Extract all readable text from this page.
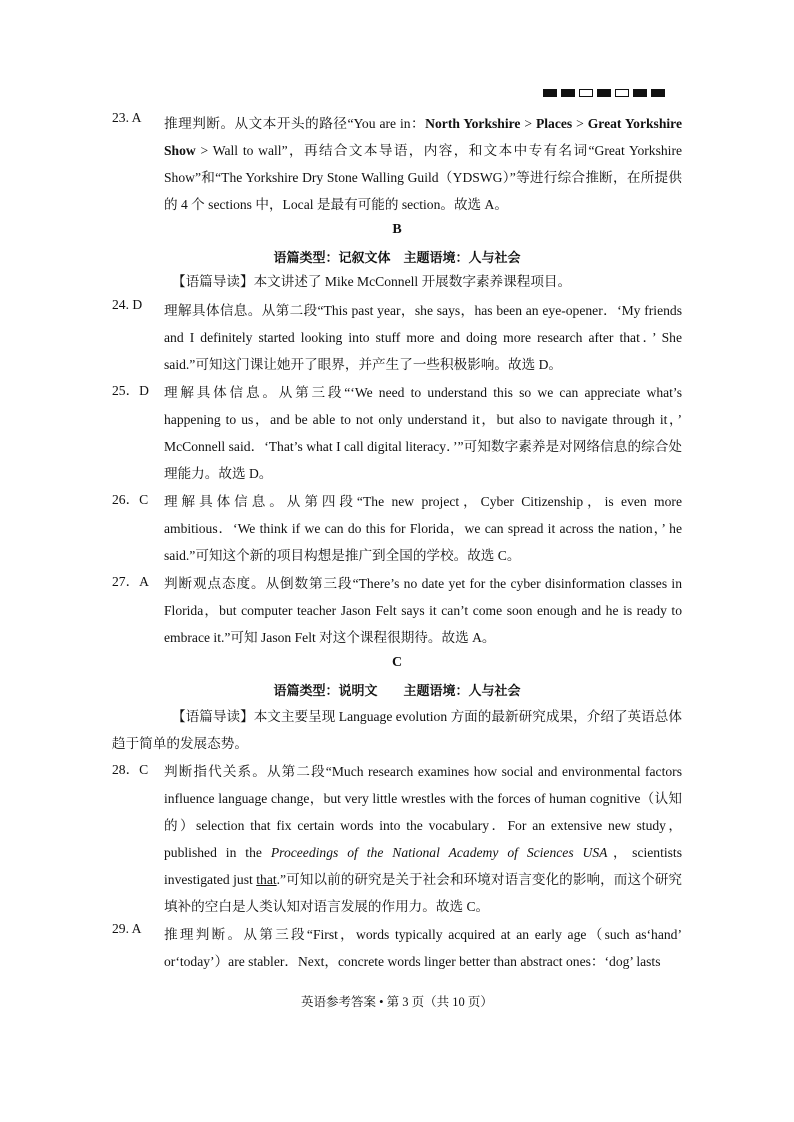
23. A	推理判断。从文本开头的路径“You are in：North Yorkshire > Places > Great Yorkshire Show > Wall to wall”，再结合文本导语，内容，和文本中专有名词“Great Yorkshire Show”和“The Yorkshire Dry Stone Walling Guild（YDSWG）”等进行综合推断，在所提供的 4 个 sections 中，Local 是最有可能的 section。故选 A。
B
语篇类型：记叙文体　主题语境：人与社会
【语篇导读】本文讲述了 Mike McConnell 开展数字素养课程项目。
24. D	理解具体信息。从第二段“This past year，she says，has been an eye-opener．‘My friends and I definitely started looking into stuff more and doing more research after that．’ She said.”可知这门课让她开了眼界，并产生了一些积极影响。故选 D。
25．D	理解具体信息。从第三段“‘We need to understand this so we can appreciate what’s happening to us，and be able to not only understand it，but also to navigate through it，’ McConnell said．‘That’s what I call digital literacy．’”可知数字素养是对网络信息的综合处理能力。故选 D。
26．C	理解具体信息。从第四段“The new project，Cyber Citizenship，is even more ambitious．‘We think if we can do this for Florida，we can spread it across the nation，’ he said.”可知这个新的项目构想是推广到全国的学校。故选 C。
27．A	判断观点态度。从倒数第三段“There’s no date yet for the cyber disinformation classes in Florida，but computer teacher Jason Felt says it can’t come soon enough and he is ready to embrace it.”可知 Jason Felt 对这个课程很期待。故选 A。
C
语篇类型：说明文　　主题语境：人与社会
【语篇导读】本文主要呈现 Language evolution 方面的最新研究成果，介绍了英语总体趋于简单的发展态势。
28．C	判断指代关系。从第二段“Much research examines how social and environmental factors influence language change，but very little wrestles with the forces of human cognitive（认知的）selection that fix certain words into the vocabulary．For an extensive new study，published in the Proceedings of the National Academy of Sciences USA，scientists investigated just that.”可知以前的研究是关于社会和环境对语言变化的影响，而这个研究填补的空白是人类认知对语言发展的作用力。故选 C。
29. A	推理判断。从第三段“First，words typically acquired at an early age（such as‘hand’ or‘today’）are stabler．Next，concrete words linger better than abstract ones：‘dog’ lasts
英语参考答案 • 第 3 页（共 10 页）
